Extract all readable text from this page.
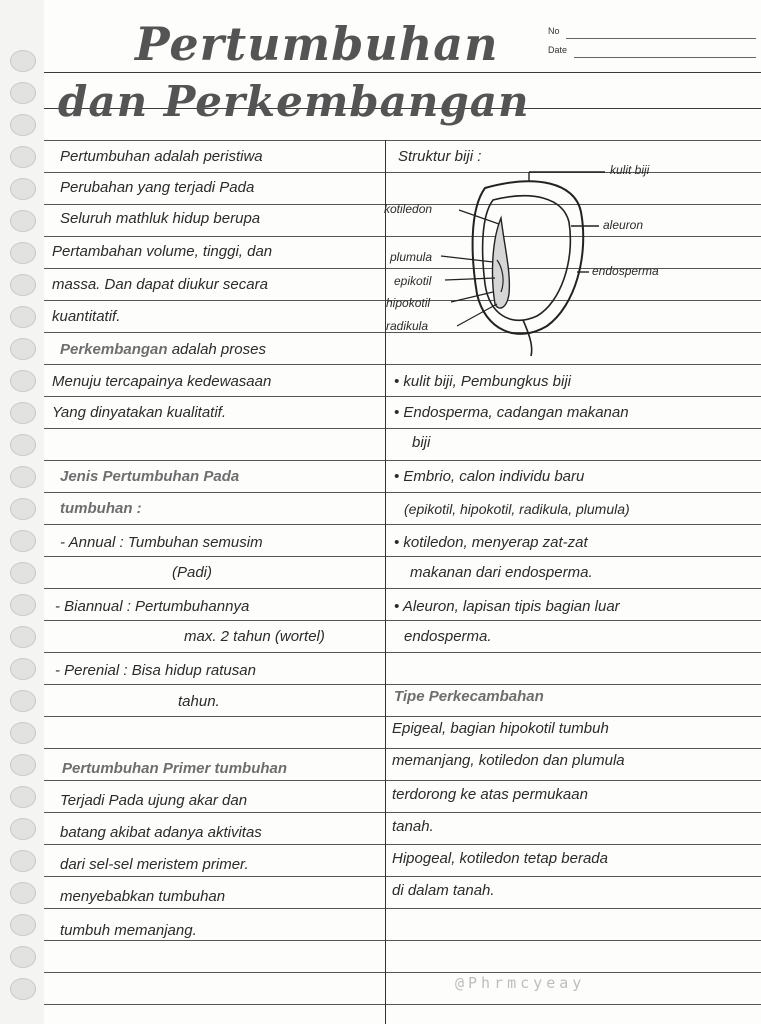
Pertumbuhan
dan Perkembangan
No
Date
Pertumbuhan adalah peristiwa
Perubahan yang terjadi Pada
Seluruh mathluk hidup berupa
Pertambahan volume, tinggi, dan
massa. Dan dapat diukur secara
kuantitatif.
Perkembangan adalah proses
Menuju tercapainya kedewasaan
Yang dinyatakan kualitatif.
Jenis Pertumbuhan Pada
tumbuhan :
- Annual : Tumbuhan semusim
(Padi)
- Biannual : Pertumbuhannya
max. 2 tahun (wortel)
- Perenial : Bisa hidup ratusan
tahun.
Pertumbuhan Primer tumbuhan
Terjadi Pada ujung akar dan
batang akibat adanya aktivitas
dari sel-sel meristem primer.
menyebabkan tumbuhan
tumbuh memanjang.
Struktur biji :
kulit biji
kotiledon
aleuron
plumula
endosperma
epikotil
hipokotil
radikula
• kulit biji, Pembungkus biji
• Endosperma, cadangan makanan
biji
• Embrio, calon individu baru
(epikotil, hipokotil, radikula, plumula)
• kotiledon, menyerap zat-zat
makanan dari endosperma.
• Aleuron, lapisan tipis bagian luar
endosperma.
Tipe Perkecambahan
Epigeal, bagian hipokotil tumbuh
memanjang, kotiledon dan plumula
terdorong ke atas permukaan
tanah.
Hipogeal, kotiledon tetap berada
di dalam tanah.
@Phrmcyeay
